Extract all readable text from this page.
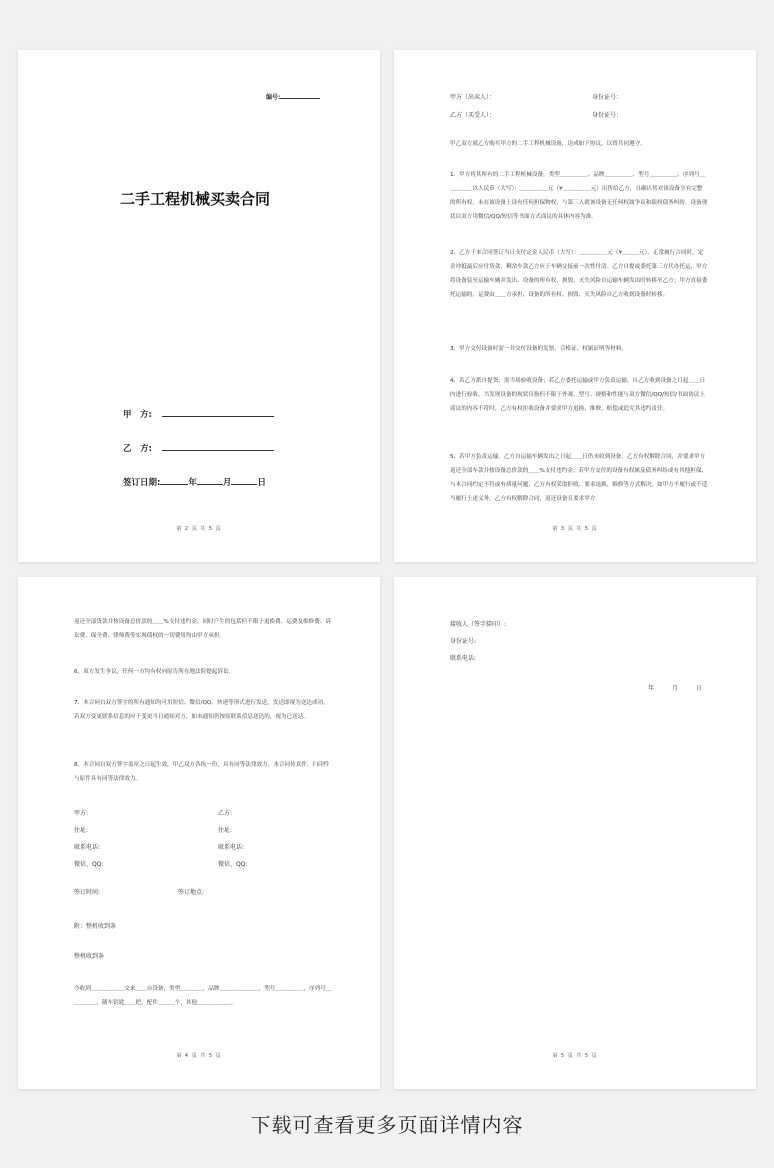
编号:
二手工程机械买卖合同
甲　方:
乙　方:
签订日期:	年	月	日
第 2 页 共 5 页
甲方（出卖人）：	身份证号：
乙方（买受人）：	身份证号：
甲乙双方就乙方购买甲方的二手工程机械设备，达成如下协议，以资共同遵守。
1、甲方将其所有的二手工程机械设备，类型＿＿＿＿＿、品牌＿＿＿＿＿、型号＿＿＿＿＿、序列号＿＿＿＿＿以人民币（大写）：＿＿＿＿＿元（¥＿＿＿＿＿元）出售给乙方，且确认其对该设备享有完整的所有权，未在该设备上设有任何担保物权，与第三人就该设备无任何权属争议和债权债务纠纷。设备现状以双方用微信/QQ/短信等书面方式商议的具体内容为准。
2、乙方于本合同签订当日支付定金人民币（大写）：＿＿＿＿＿元（¥＿＿＿元），正常履行合同时，定金冲抵最后应付货款，剩余车款乙方应于车辆交接前一次性付清。乙方自提或委托第三方代办托运，甲方将设备装至运输车辆并发出，设备的所有权、损毁、灭失风险自运输车辆发出时转移至乙方；甲方直接委托运输的，运费由＿＿方承担，设备的所有权、损毁、灭失风险自乙方收到设备时转移。
3、甲方交付设备时需一并交付设备的发票、合格证、权属证明等材料。
4、若乙方派自提货，需当场验收设备；若乙方委托运输或甲方负责运输，自乙方收到设备之日起＿＿日内进行验收，当发现设备的现状仅指但不限于外观、型号、规格和性能与双方微信/QQ/短信/书面协议上商议的内容不符时，乙方有权拒收设备并要求甲方退换、维修、赔偿或追究其违约责任。
5、若甲方负责运输，乙方自运输车辆发出之日起＿＿日仍未收到设备，乙方有权解除合同，并要求甲方返还全部车款并按设备总价款的＿＿%支付违约金；若甲方交付的设备有权属及债务纠纷或有其他担保，与本合同约定不符或有质量问题，乙方有权采取拒收、要求退换、维修等方式解决，如甲方不履行或不适当履行上述义务，乙方有权解除合同，返还设备且要求甲方
第 3 页 共 5 页
返还全部货款并按设备总价款的＿＿%支付违约金，同时产生的包括但不限于退换费、运费及维修费、诉讼费、保全费、律师费等实现债权的一切费用均由甲方承担。
6、双方发生争议，任何一方均有权向原告所在地法院提起诉讼。
7、本合同自双方签字的所有通知均可用短信、微信/QQ、快递等形式进行发送，发送即视为送达成功。若双方变更联系信息的应于变更当日通知对方，如未通知仍按原联系信息送达的，视为已送达。
8、本合同自双方签字盖章之日起生效，甲乙双方各执一份，具有同等法律效力。本合同传真件、扫印件与原件具有同等法律效力。
甲方:	乙方:
住址:	住址:
联系电话:	联系电话:
微信、QQ:	微信、QQ:
签订时间:	签订地点:
附：整机收到条
整机收到条
今收到＿＿＿＿＿＿交来＿＿台设备，类型＿＿＿＿，品牌＿＿＿＿＿＿＿，型号＿＿＿＿＿，序列号＿＿＿＿＿，随车钥匙＿＿把，配件＿＿＿个，其他＿＿＿＿＿＿。
第 4 页 共 5 页
接收人（签字捺印）:
身份证号:
联系电话:
年　　　月　　　日
第 5 页 共 5 页
下载可查看更多页面详情内容
